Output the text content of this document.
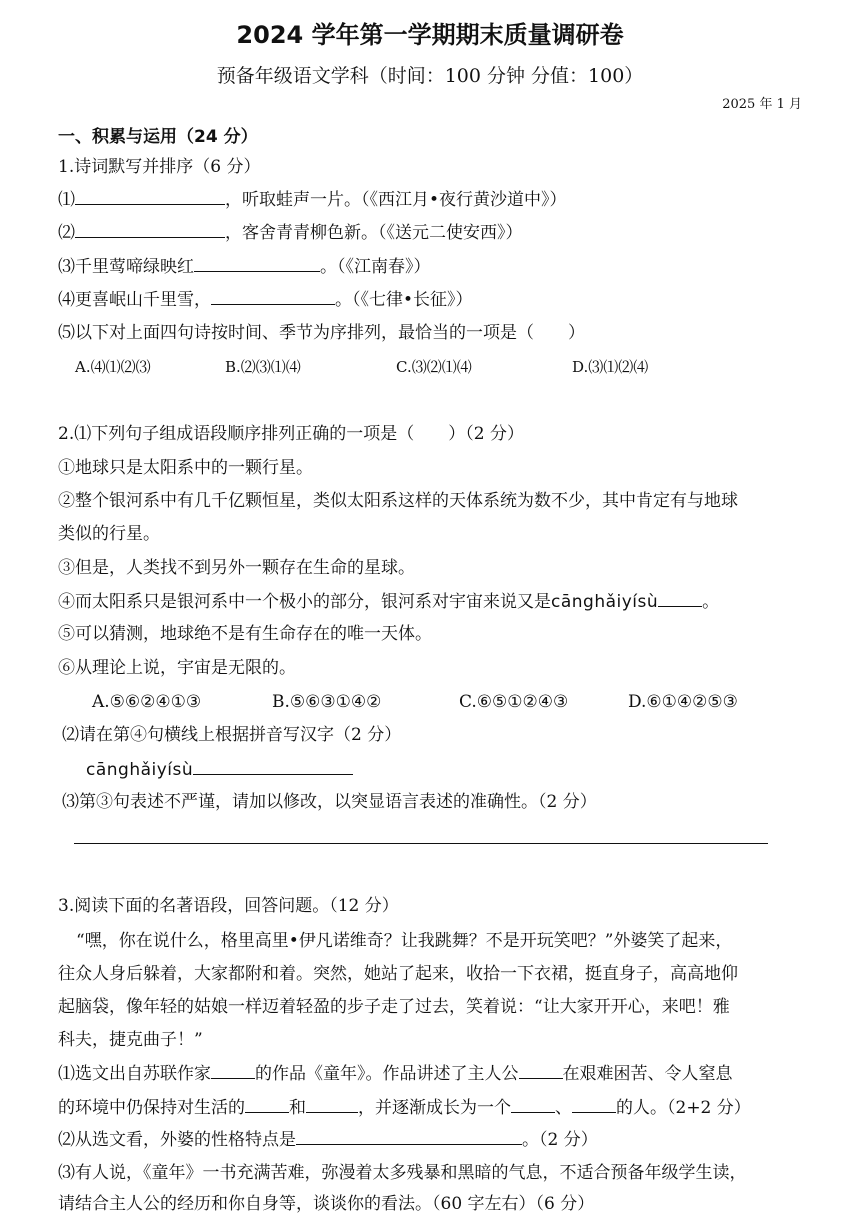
2024 学年第一学期期末质量调研卷
预备年级语文学科（时间：100 分钟 分值：100）
2025 年 1 月
一、积累与运用（24 分）
1.诗词默写并排序（6 分）
⑴	，听取蛙声一片。（《西江月•夜行黄沙道中》）
⑵	，客舍青青柳色新。（《送元二使安西》）
⑶千里莺啼绿映红	。（《江南春》）
⑷更喜岷山千里雪，	。（《七律•长征》）
⑸以下对上面四句诗按时间、季节为序排列，最恰当的一项是（　　）
A.⑷⑴⑵⑶	B.⑵⑶⑴⑷	C.⑶⑵⑴⑷	D.⑶⑴⑵⑷
2.⑴下列句子组成语段顺序排列正确的一项是（　　）（2 分）
①地球只是太阳系中的一颗行星。
②整个银河系中有几千亿颗恒星，类似太阳系这样的天体系统为数不少，其中肯定有与地球
类似的行星。
③但是，人类找不到另外一颗存在生命的星球。
④而太阳系只是银河系中一个极小的部分，银河系对宇宙来说又是cānghǎiyísù	。
⑤可以猜测，地球绝不是有生命存在的唯一天体。
⑥从理论上说，宇宙是无限的。
A.⑤⑥②④①③	B.⑤⑥③①④②	C.⑥⑤①②④③	D.⑥①④②⑤③
⑵请在第④句横线上根据拼音写汉字（2 分）
cānghǎiyísù
⑶第③句表述不严谨，请加以修改，以突显语言表述的准确性。（2 分）
3.阅读下面的名著语段，回答问题。（12 分）
“嘿，你在说什么，格里高里•伊凡诺维奇？让我跳舞？不是开玩笑吧？”外婆笑了起来，
往众人身后躲着，大家都附和着。突然，她站了起来，收拾一下衣裙，挺直身子，高高地仰
起脑袋，像年轻的姑娘一样迈着轻盈的步子走了过去，笑着说：“让大家开开心，来吧！雅
科夫，捷克曲子！”
⑴选文出自苏联作家	的作品《童年》。作品讲述了主人公	在艰难困苦、令人窒息
的环境中仍保持对生活的	和	，并逐渐成长为一个	、	的人。（2+2 分）
⑵从选文看，外婆的性格特点是	。（2 分）
⑶有人说，《童年》一书充满苦难，弥漫着太多残暴和黑暗的气息，不适合预备年级学生读，
请结合主人公的经历和你自身等，谈谈你的看法。（60 字左右）（6 分）
